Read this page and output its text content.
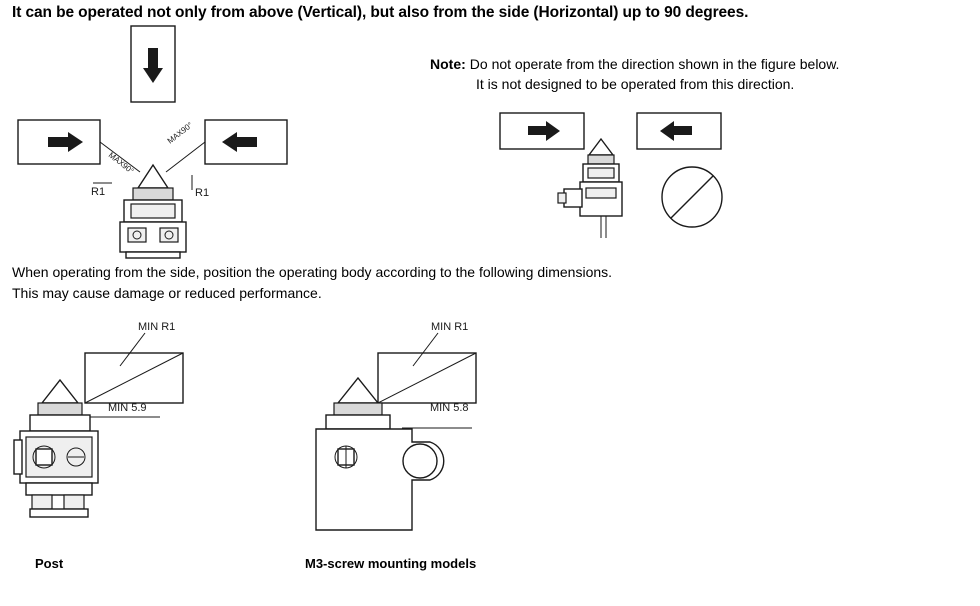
It can be operated not only from above (Vertical), but also from the side (Horizontal) up to 90 degrees.
Note: Do not operate from the direction shown in the figure below.
It is not designed to be operated from this direction.
MAX90°
MAX90°
R1	R1
When operating from the side, position the operating body according to the following dimensions.
This may cause damage or reduced performance.
MIN R1
MIN 5.9
MIN R1
MIN 5.8
Post	M3-screw mounting models
